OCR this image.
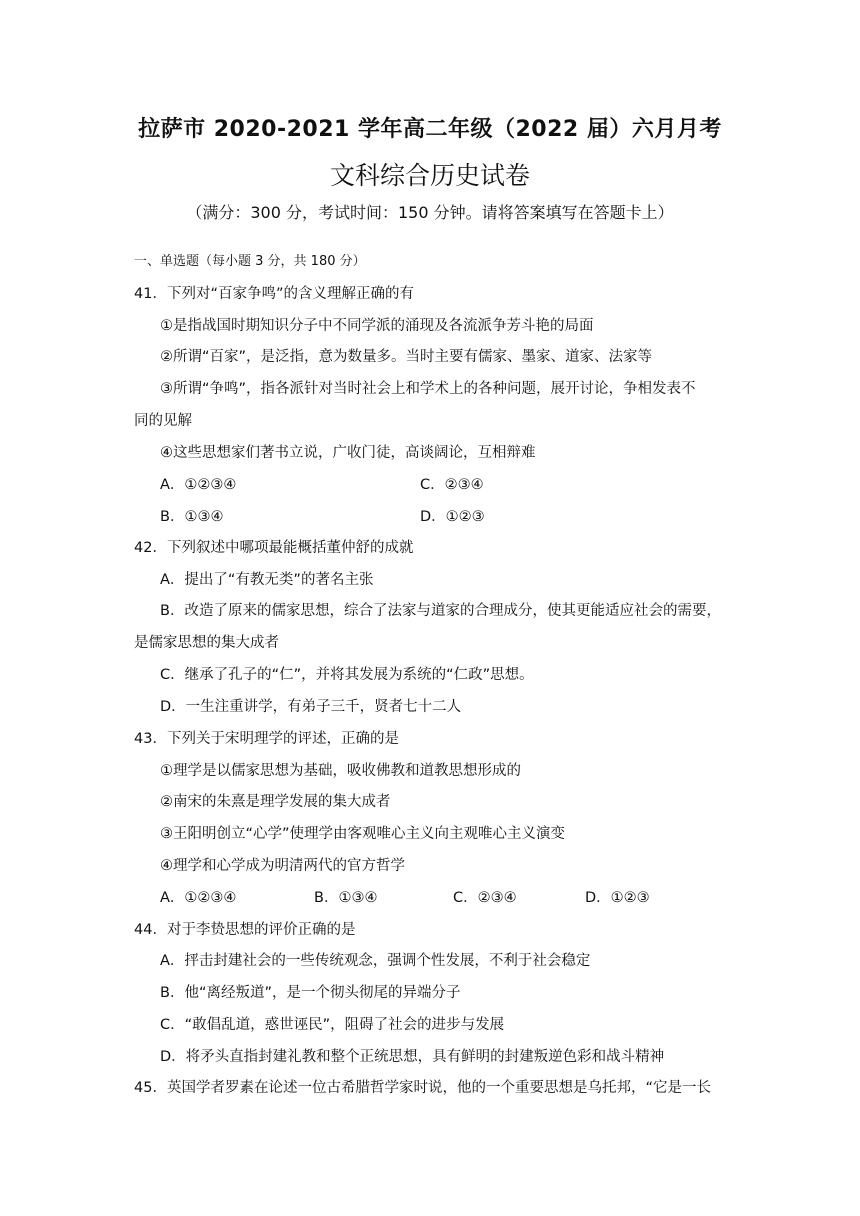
拉萨市 2020-2021 学年高二年级（2022 届）六月月考
文科综合历史试卷
（满分：300 分，考试时间：150 分钟。请将答案填写在答题卡上）
一、单选题（每小题 3 分，共 180 分）
41．下列对“百家争鸣”的含义理解正确的有
①是指战国时期知识分子中不同学派的涌现及各流派争芳斗艳的局面
②所谓“百家”，是泛指，意为数量多。当时主要有儒家、墨家、道家、法家等
③所谓“争鸣”，指各派针对当时社会上和学术上的各种问题，展开讨论，争相发表不
同的见解
④这些思想家们著书立说，广收门徒，高谈阔论，互相辩难
A．①②③④	C．②③④
B．①③④	D．①②③
42．下列叙述中哪项最能概括董仲舒的成就
A．提出了“有教无类”的著名主张
B．改造了原来的儒家思想，综合了法家与道家的合理成分，使其更能适应社会的需要，
是儒家思想的集大成者
C．继承了孔子的“仁”，并将其发展为系统的“仁政”思想。
D．一生注重讲学，有弟子三千，贤者七十二人
43．下列关于宋明理学的评述，正确的是
①理学是以儒家思想为基础，吸收佛教和道教思想形成的
②南宋的朱熹是理学发展的集大成者
③王阳明创立“心学”使理学由客观唯心主义向主观唯心主义演变
④理学和心学成为明清两代的官方哲学
A．①②③④	B．①③④	C．②③④	D．①②③
44．对于李贽思想的评价正确的是
A．抨击封建社会的一些传统观念，强调个性发展，不利于社会稳定
B．他“离经叛道”，是一个彻头彻尾的异端分子
C．“敢倡乱道，惑世诬民”，阻碍了社会的进步与发展
D．将矛头直指封建礼教和整个正统思想，具有鲜明的封建叛逆色彩和战斗精神
45．英国学者罗素在论述一位古希腊哲学家时说，他的一个重要思想是乌托邦，“它是一长
